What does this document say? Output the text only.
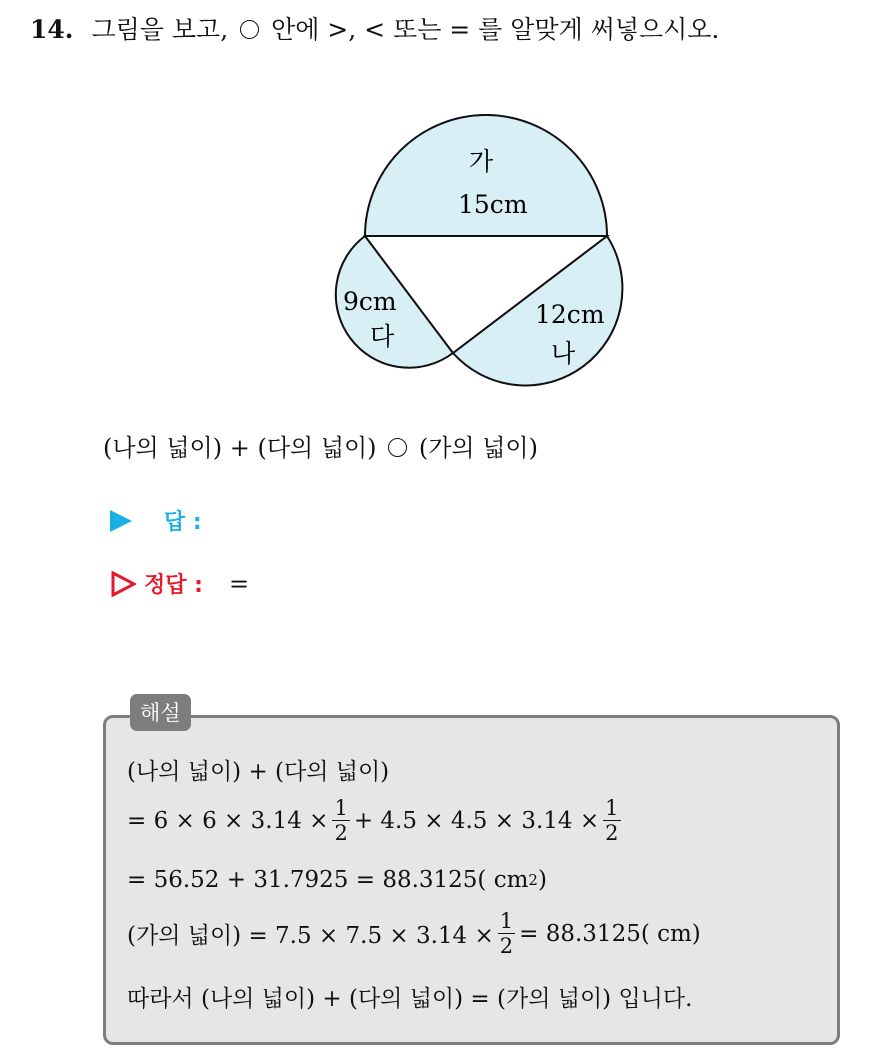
14. 그림을 보고, 안에 >, < 또는 = 를 알맞게 써넣으시오.
가
15cm
12cm
나
9cm
다
(나의 넓이) + (다의 넓이) (가의 넓이)
답 :
정답 : =
해설
(나의 넓이) + (다의 넓이)
= $6 \times 6 \times 3.14 \times \frac{1}{2} + 4.5 \times 4.5 \times 3.14 \times \frac{1}{2}$
= 56.52 + 31.7925 = 88.3125( cm 2 )
(가의 넓이) = $7.5 \times 7.5 \times 3.14 \times \frac{1}{2} = 88.3125$( cm)
따라서 (나의 넓이) + (다의 넓이) = (가의 넓이) 입니다.
